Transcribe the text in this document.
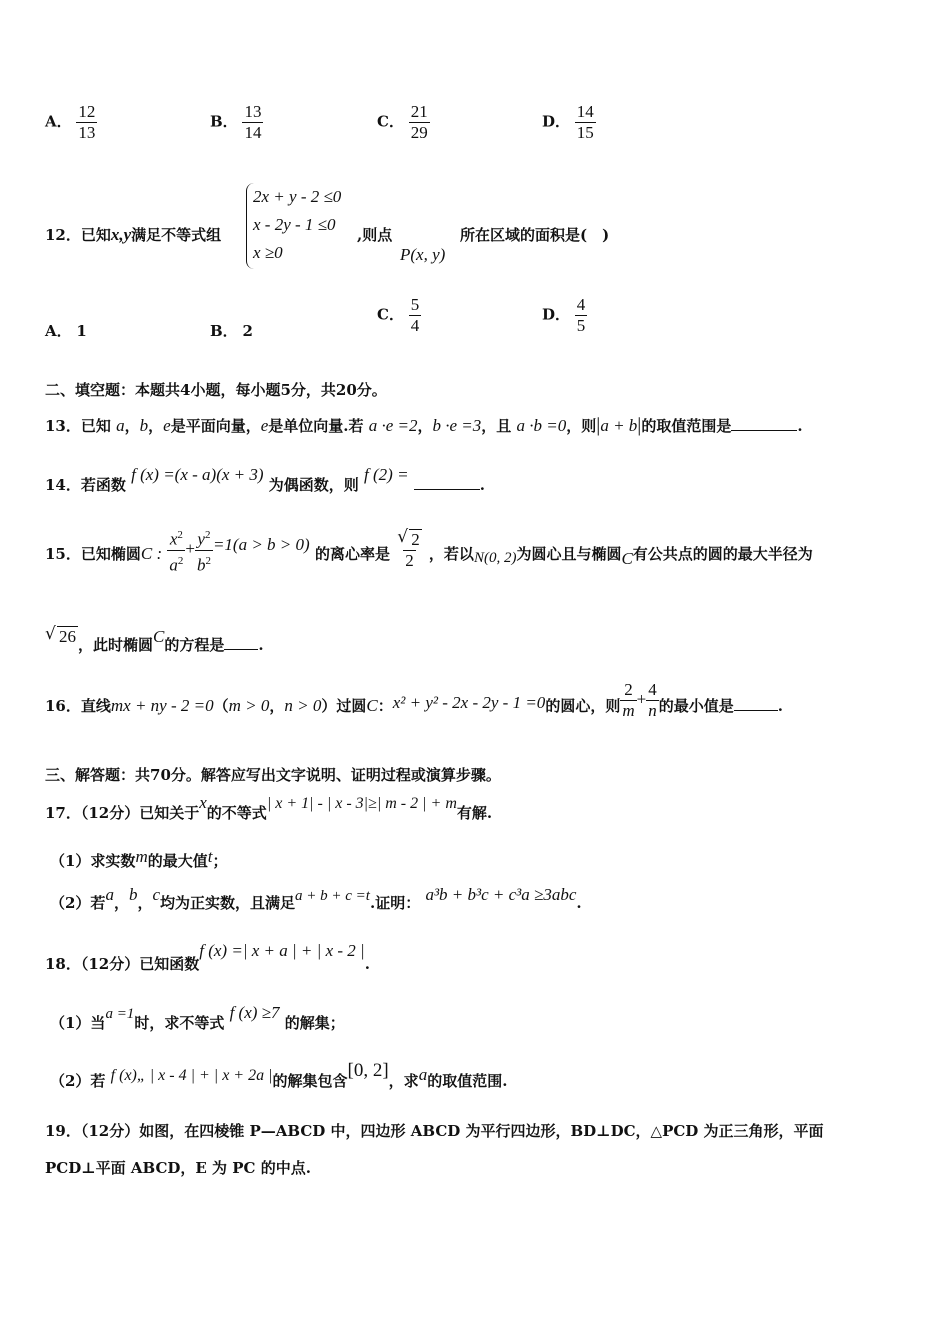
A． $\frac{12}{13}$	B． $\frac{13}{14}$	C． $\frac{21}{29}$	D． $\frac{14}{15}$
12．已知x,y满足不等式组
2x + y - 2 ≤0
x - 2y - 1 ≤0
x ≥0
,则点
P(x, y)
所在区域的面积是(　)
A． 1	B． 2
C． $\frac{5}{4}$	D． $\frac{4}{5}$
二、填空题：本题共4小题，每小题5分，共20分。
13．已知 a，b，e是平面向量，e是单位向量.若 a ·e =2，b ·e =3，且 a ·b =0，则|a + b|的取值范围是	.
14．若函数 f (x) =(x - a)(x + 3) 为偶函数，则 f (2) = .
15．已知椭圆C : $\frac{x^2}{a^2} + \frac{y^2}{b^2} =1(a > b > 0)$ 的离心率是 $\frac{√ 2}{2}$ ，若以N(0, 2)为圆心且与椭圆C有公共点的圆的最大半径为
√ 26 ，此时椭圆C的方程是 .
16．直线mx + ny - 2 =0（m > 0，n > 0）过圆C：x² + y² - 2x - 2y - 1 =0的圆心，则 $\frac{2}{m} + \frac{4}{n}$ 的最小值是	.
三、解答题：共70分。解答应写出文字说明、证明过程或演算步骤。
17．（12分）已知关于x的不等式| x + 1| - | x - 3|≥| m - 2 | + m有解.
（1）求实数m的最大值t；
（2）若a，b，c均为正实数，且满足a + b + c =t.证明： a³b + b³c + c³a ≥3abc.
18．（12分）已知函数f (x) =| x + a | + | x - 2 |.
（1）当a =1时，求不等式 f (x) ≥7 的解集；
（2）若 f (x)„ | x - 4 | + | x + 2a |的解集包含[0, 2]，求a的取值范围.
19．（12分）如图，在四棱锥 P—ABCD 中，四边形 ABCD 为平行四边形，BD⊥DC，△PCD 为正三角形，平面
PCD⊥平面 ABCD，E 为 PC 的中点.
